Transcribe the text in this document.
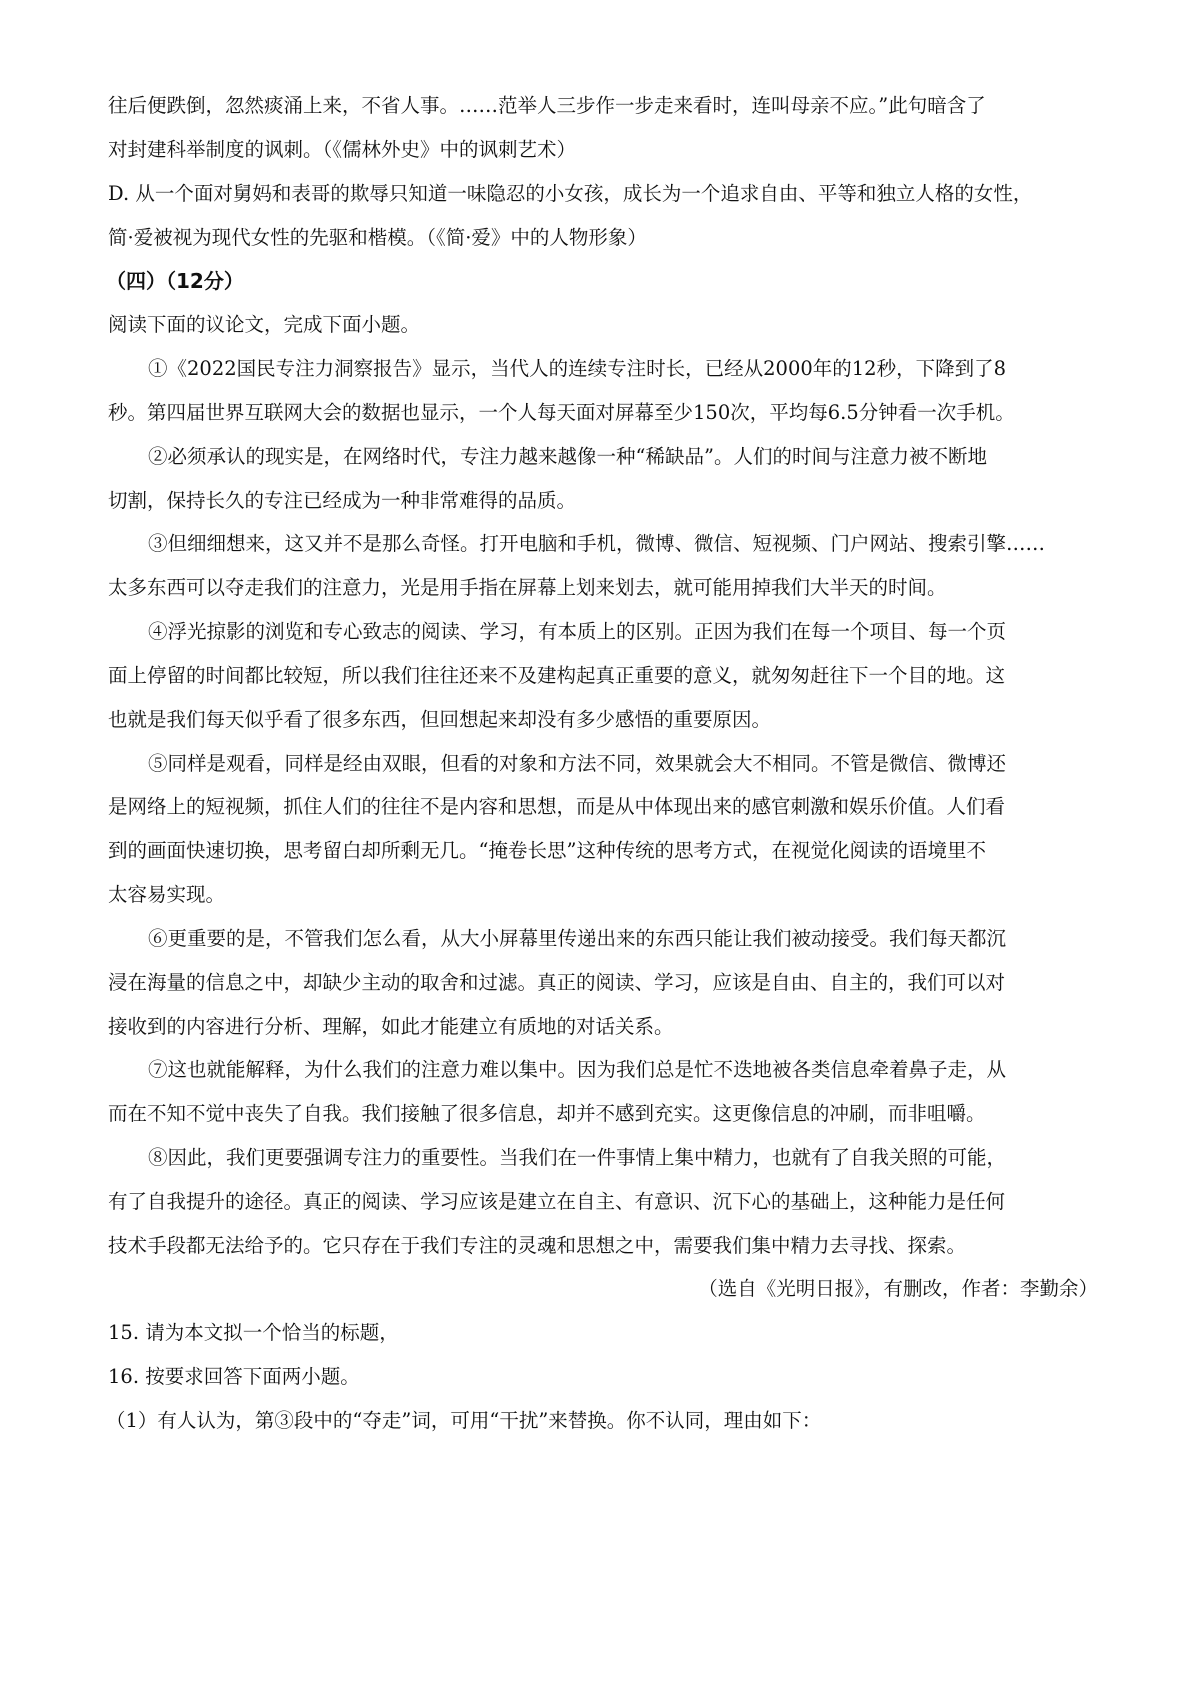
往后便跌倒，忽然痰涌上来，不省人事。……范举人三步作一步走来看时，连叫母亲不应。”此句暗含了
对封建科举制度的讽刺。（《儒林外史》中的讽刺艺术）
D. 从一个面对舅妈和表哥的欺辱只知道一味隐忍的小女孩，成长为一个追求自由、平等和独立人格的女性，
简·爱被视为现代女性的先驱和楷模。（《简·爱》中的人物形象）
（四）（12分）
阅读下面的议论文，完成下面小题。
①《2022国民专注力洞察报告》显示，当代人的连续专注时长，已经从2000年的12秒，下降到了8
秒。第四届世界互联网大会的数据也显示，一个人每天面对屏幕至少150次，平均每6.5分钟看一次手机。
②必须承认的现实是，在网络时代，专注力越来越像一种“稀缺品”。人们的时间与注意力被不断地
切割，保持长久的专注已经成为一种非常难得的品质。
③但细细想来，这又并不是那么奇怪。打开电脑和手机，微博、微信、短视频、门户网站、搜索引擎……
太多东西可以夺走我们的注意力，光是用手指在屏幕上划来划去，就可能用掉我们大半天的时间。
④浮光掠影的浏览和专心致志的阅读、学习，有本质上的区别。正因为我们在每一个项目、每一个页
面上停留的时间都比较短，所以我们往往还来不及建构起真正重要的意义，就匆匆赶往下一个目的地。这
也就是我们每天似乎看了很多东西，但回想起来却没有多少感悟的重要原因。
⑤同样是观看，同样是经由双眼，但看的对象和方法不同，效果就会大不相同。不管是微信、微博还
是网络上的短视频，抓住人们的往往不是内容和思想，而是从中体现出来的感官刺激和娱乐价值。人们看
到的画面快速切换，思考留白却所剩无几。“掩卷长思”这种传统的思考方式，在视觉化阅读的语境里不
太容易实现。
⑥更重要的是，不管我们怎么看，从大小屏幕里传递出来的东西只能让我们被动接受。我们每天都沉
浸在海量的信息之中，却缺少主动的取舍和过滤。真正的阅读、学习，应该是自由、自主的，我们可以对
接收到的内容进行分析、理解，如此才能建立有质地的对话关系。
⑦这也就能解释，为什么我们的注意力难以集中。因为我们总是忙不迭地被各类信息牵着鼻子走，从
而在不知不觉中丧失了自我。我们接触了很多信息，却并不感到充实。这更像信息的冲刷，而非咀嚼。
⑧因此，我们更要强调专注力的重要性。当我们在一件事情上集中精力，也就有了自我关照的可能，
有了自我提升的途径。真正的阅读、学习应该是建立在自主、有意识、沉下心的基础上，这种能力是任何
技术手段都无法给予的。它只存在于我们专注的灵魂和思想之中，需要我们集中精力去寻找、探索。
（选自《光明日报》，有删改，作者：李勤余）
15. 请为本文拟一个恰当的标题，
16. 按要求回答下面两小题。
（1）有人认为，第③段中的“夺走”词，可用“干扰”来替换。你不认同，理由如下：
